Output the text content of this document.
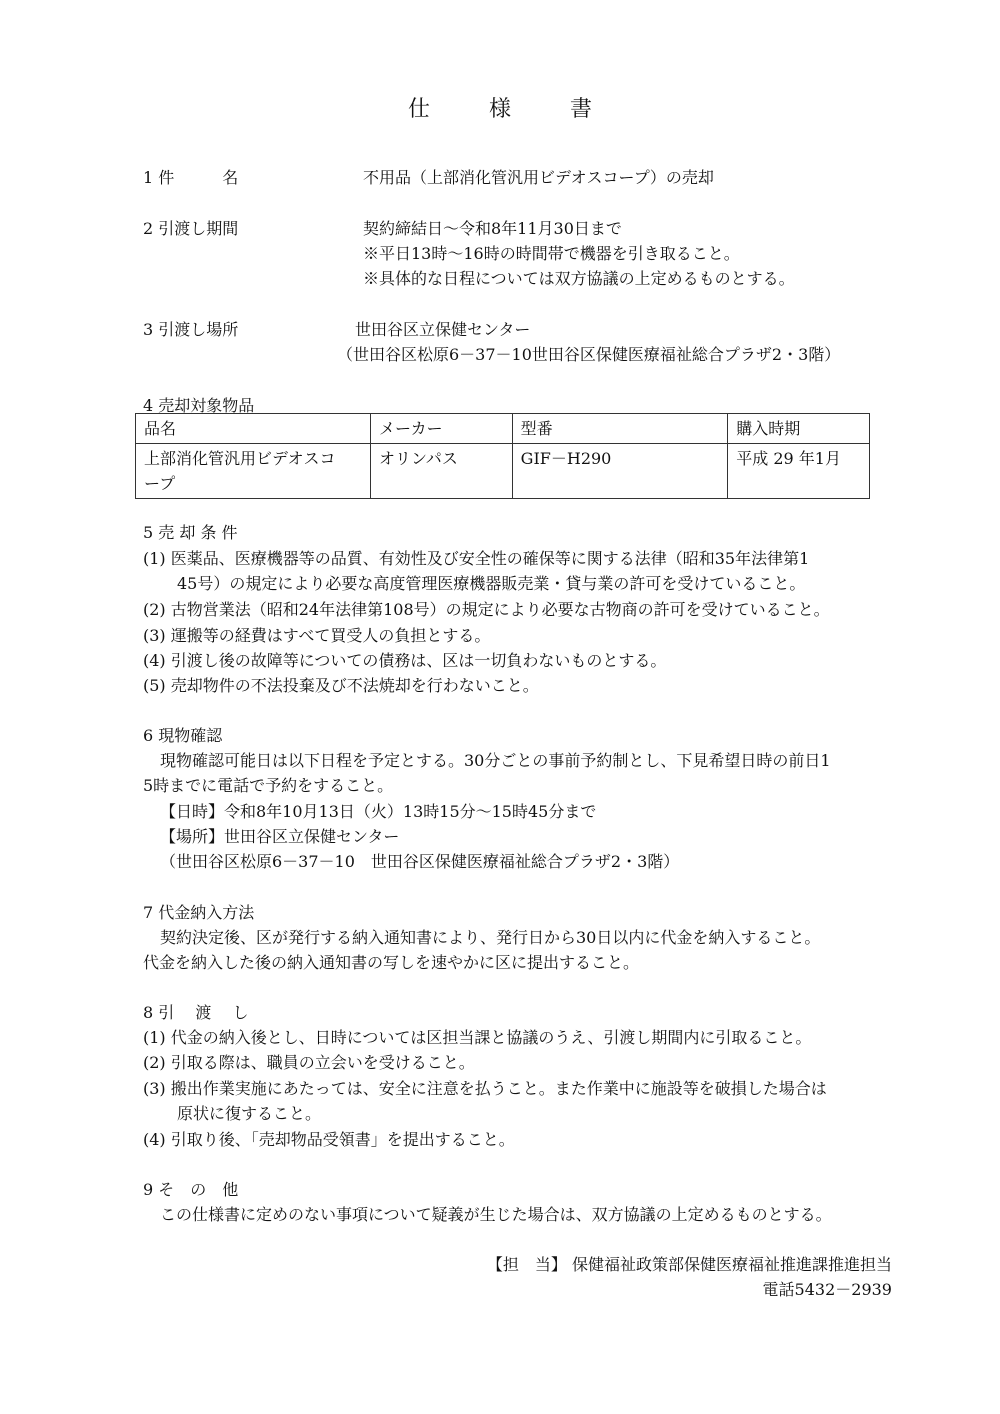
仕 様 書
1 件　　　名	不用品（上部消化管汎用ビデオスコープ）の売却
2 引渡し期間	契約締結日～令和8年11月30日まで
※平日13時～16時の時間帯で機器を引き取ること。
※具体的な日程については双方協議の上定めるものとする。
3 引渡し場所	世田谷区立保健センター
（世田谷区松原6－37－10世田谷区保健医療福祉総合プラザ2・3階）
4 売却対象物品
品名	メーカー	型番	購入時期

上部消化管汎用ビデオスコープ	オリンパス	GIF－H290	平成 29 年1月
5 売 却 条 件
(1) 医薬品、医療機器等の品質、有効性及び安全性の確保等に関する法律（昭和35年法律第1
45号）の規定により必要な高度管理医療機器販売業・貸与業の許可を受けていること。
(2) 古物営業法（昭和24年法律第108号）の規定により必要な古物商の許可を受けていること。
(3) 運搬等の経費はすべて買受人の負担とする。
(4) 引渡し後の故障等についての債務は、区は一切負わないものとする。
(5) 売却物件の不法投棄及び不法焼却を行わないこと。
6 現物確認
現物確認可能日は以下日程を予定とする。30分ごとの事前予約制とし、下見希望日時の前日1
5時までに電話で予約をすること。
【日時】令和8年10月13日（火）13時15分～15時45分まで
【場所】世田谷区立保健センター
（世田谷区松原6－37－10　世田谷区保健医療福祉総合プラザ2・3階）
7 代金納入方法
契約決定後、区が発行する納入通知書により、発行日から30日以内に代金を納入すること。
代金を納入した後の納入通知書の写しを速やかに区に提出すること。
8 引　 渡　 し
(1) 代金の納入後とし、日時については区担当課と協議のうえ、引渡し期間内に引取ること。
(2) 引取る際は、職員の立会いを受けること。
(3) 搬出作業実施にあたっては、安全に注意を払うこと。また作業中に施設等を破損した場合は
原状に復すること。
(4) 引取り後、「売却物品受領書」を提出すること。
9 そ　の　他
この仕様書に定めのない事項について疑義が生じた場合は、双方協議の上定めるものとする。
【担　当】 保健福祉政策部保健医療福祉推進課推進担当
電話5432－2939
